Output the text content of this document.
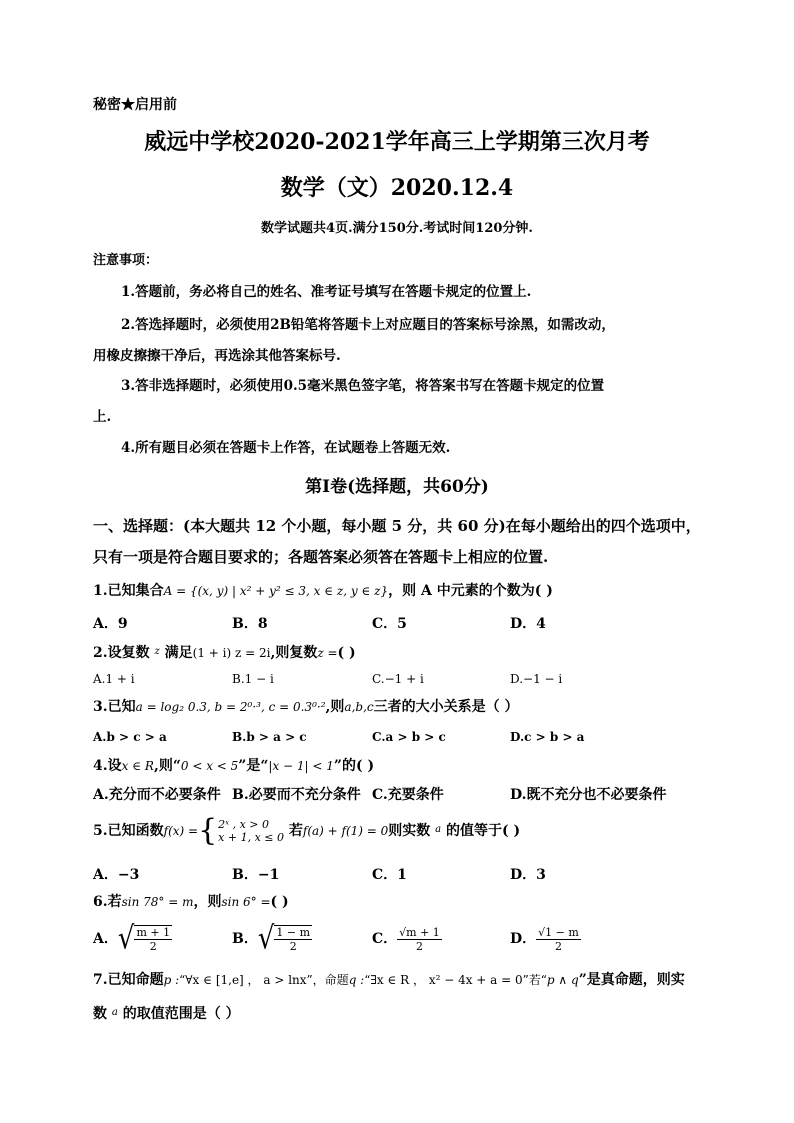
秘密★启用前
威远中学校2020-2021学年高三上学期第三次月考
数学（文）2020.12.4
数学试题共4页.满分150分.考试时间120分钟.
注意事项：
1.答题前，务必将自己的姓名、准考证号填写在答题卡规定的位置上.
2.答选择题时，必须使用2B铅笔将答题卡上对应题目的答案标号涂黑，如需改动，
用橡皮擦擦干净后，再选涂其他答案标号.
3.答非选择题时，必须使用0.5毫米黑色签字笔，将答案书写在答题卡规定的位置
上.
4.所有题目必须在答题卡上作答，在试题卷上答题无效.
第Ⅰ卷(选择题，共60分)
一、选择题：(本大题共 12 个小题，每小题 5 分，共 60 分)在每小题给出的四个选项中，
只有一项是符合题目要求的；各题答案必须答在答题卡上相应的位置.
1.已知集合A = {(x, y) | x² + y² ≤ 3, x ∈ z, y ∈ z}，则 A 中元素的个数为( )
A．9	B．8	C．5	D．4
2.设复数 $^z$ 满足(1 + i) z = 2i,则复数z =( )
A.1 + i	B.1 − i	C.−1 + i	D.−1 − i
3.已知a = log₂ 0.3, b = 2⁰·³, c = 0.3⁰·²,则a,b,c三者的大小关系是（ ）
A.b > c > a	B.b > a > c	C.a > b > c	D.c > b > a
4.设x ∈ R,则“0 < x < 5”是“|x − 1| < 1”的( )
A.充分而不必要条件 B.必要而不充分条件 C.充要条件	D.既不充分也不必要条件
5.已知函数f(x) ={2ˣ , x > 0
x + 1, x ≤ 0 若f(a) + f(1) = 0则实数 $^a$ 的值等于( )
A．−3	B．−1	C．1	D．3
6.若sin 78° = m，则sin 6° =( )
A． √ $\frac{m + 1}{2}$	B． √ $\frac{1 - m}{2}$	C． $\frac{√m + 1}{2}$	D． $\frac{√1 - m}{2}$
7.已知命题p :“∀x ∈ [1,e] ， a > lnx”，命题q :“∃x ∈ R ， x² − 4x + a = 0”若“p ∧ q”是真命题，则实
数 $^a$ 的取值范围是（ ）
